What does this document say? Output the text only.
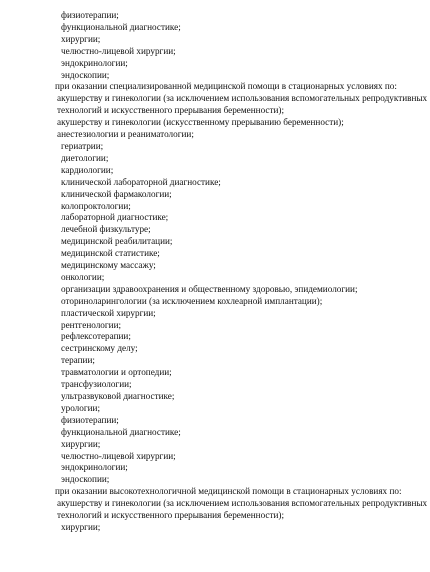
физиотерапии;

функциональной диагностике;

хирургии;

челюстно-лицевой хирургии;

эндокринологии;

эндоскопии;

при оказании специализированной медицинской помощи в стационарных условиях по:

акушерству и гинекологии (за исключением использования вспомогательных репродуктивных

технологий и искусственного прерывания беременности);

акушерству и гинекологии (искусственному прерыванию беременности);

анестезиологии и реаниматологии;

гериатрии;

диетологии;

кардиологии;

клинической лабораторной диагностике;

клинической фармакологии;

колопроктологии;

лабораторной диагностике;

лечебной физкультуре;

медицинской реабилитации;

медицинской статистике;

медицинскому массажу;

онкологии;

организации здравоохранения и общественному здоровью, эпидемиологии;

оториноларингологии (за исключением кохлеарной имплантации);

пластической хирургии;

рентгенологии;

рефлексотерапии;

сестринскому делу;

терапии;

травматологии и ортопедии;

трансфузиологии;

ультразвуковой диагностике;

урологии;

физиотерапии;

функциональной диагностике;

хирургии;

челюстно-лицевой хирургии;

эндокринологии;

эндоскопии;

при оказании высокотехнологичной медицинской помощи в стационарных условиях по:

акушерству и гинекологии (за исключением использования вспомогательных репродуктивных

технологий и искусственного прерывания беременности);

хирургии;
